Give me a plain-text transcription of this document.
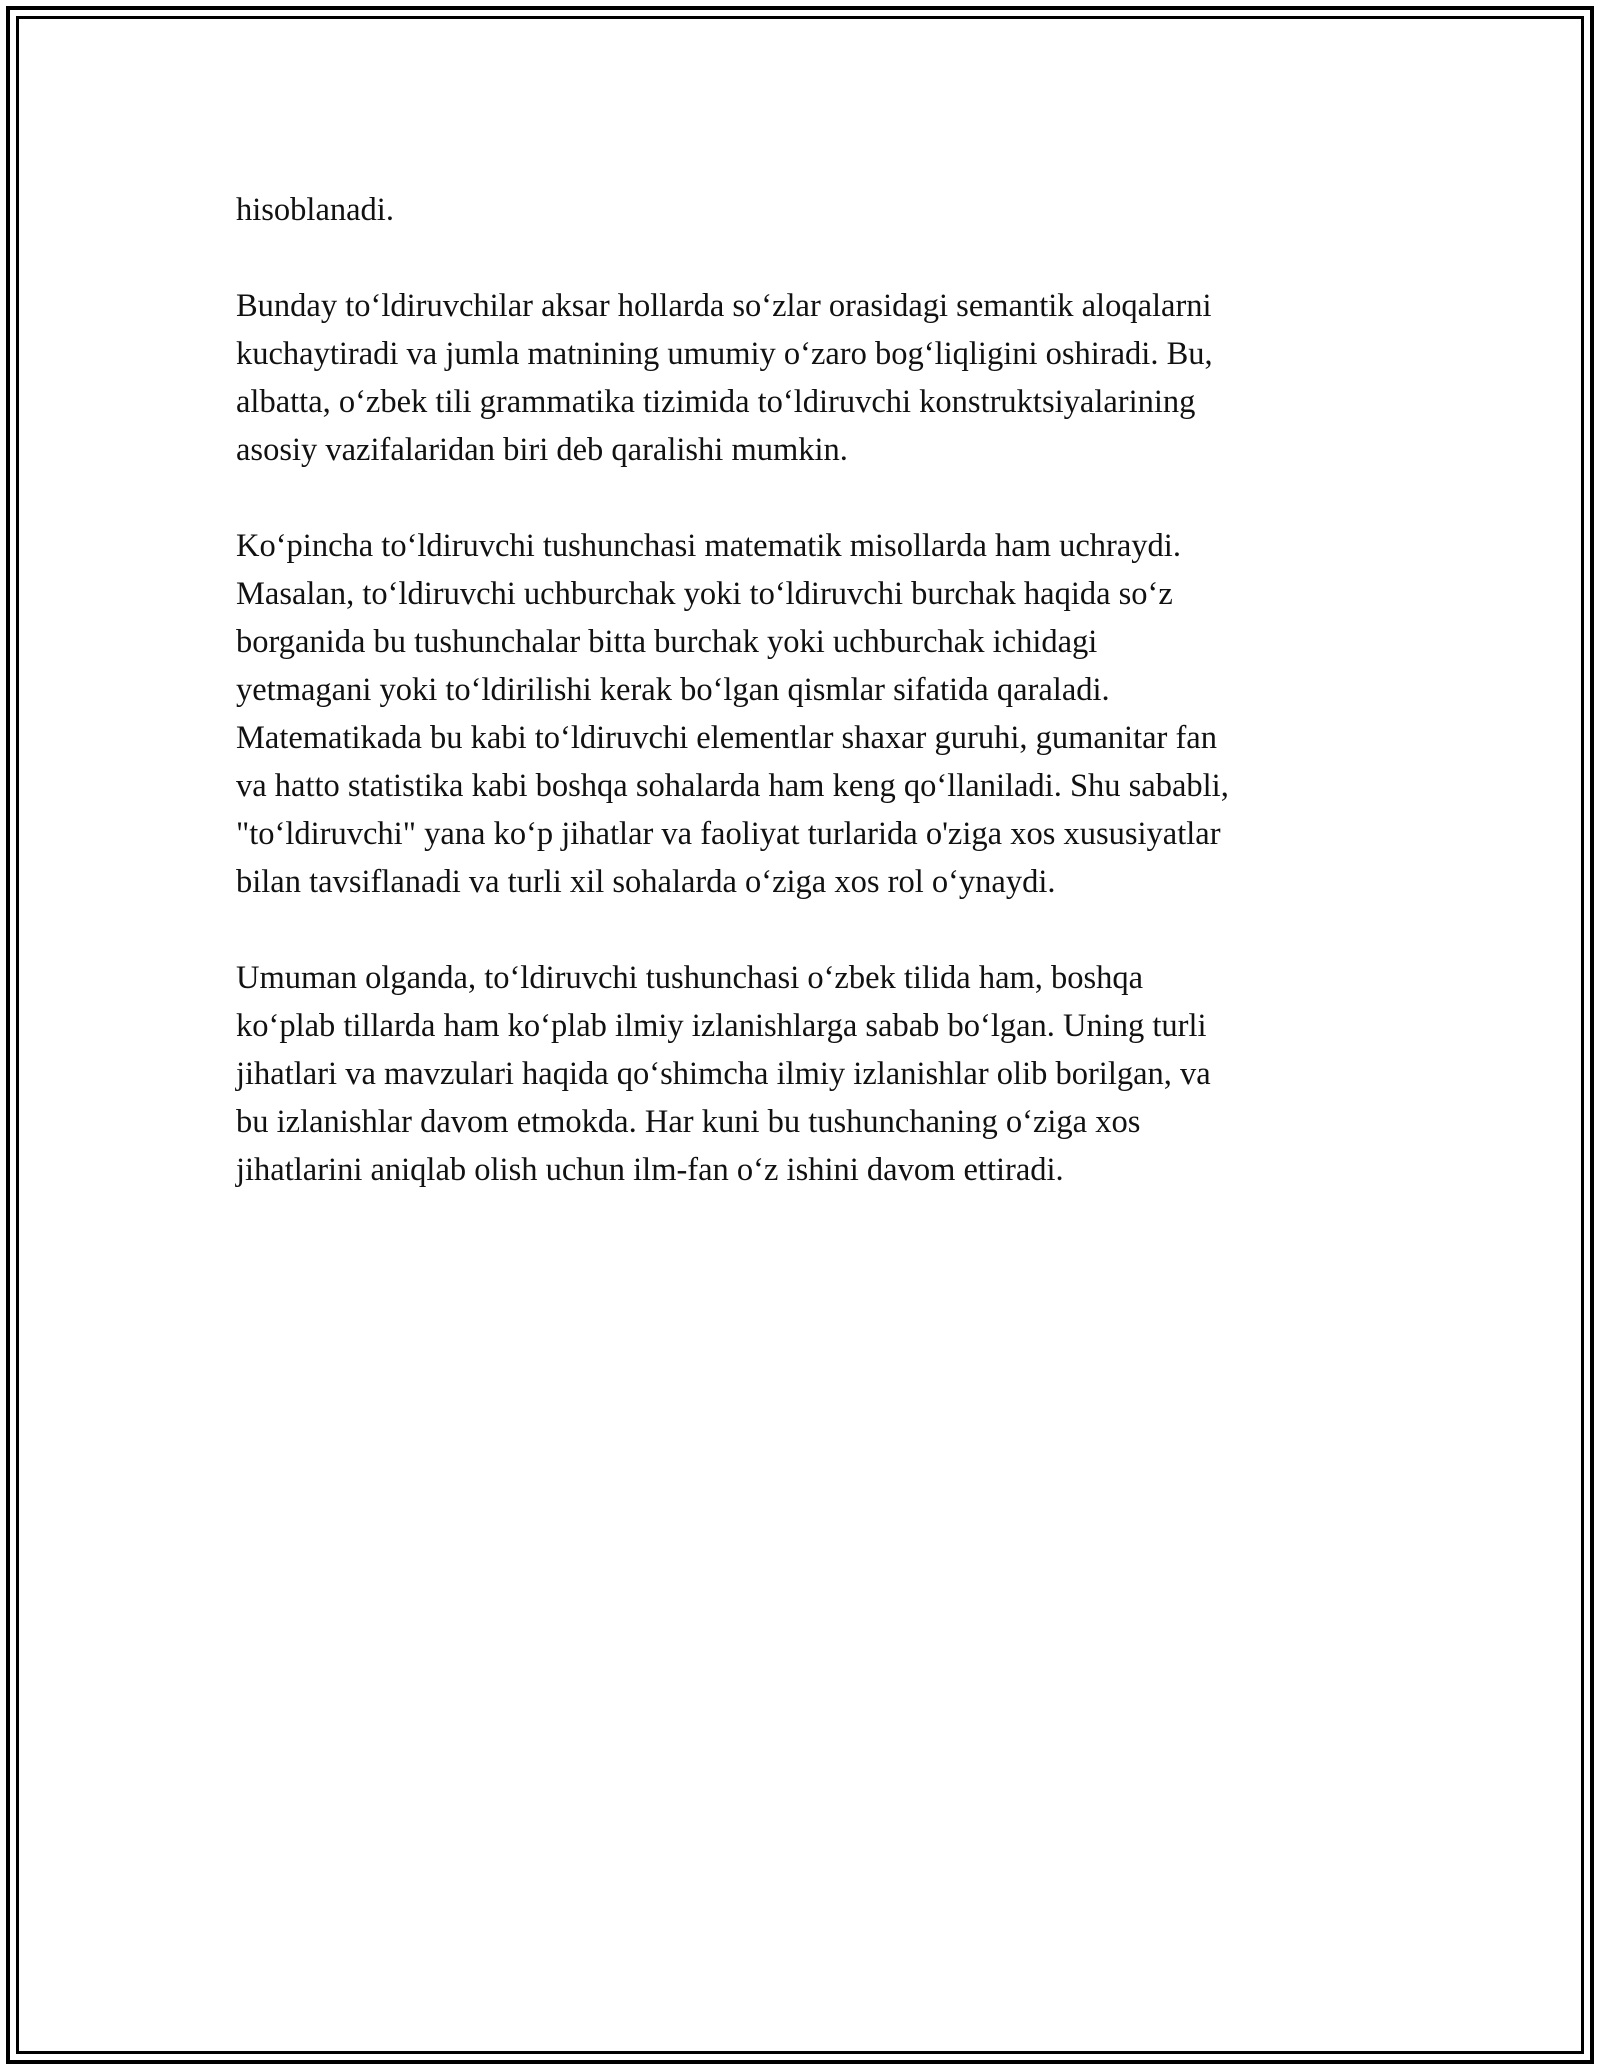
hisoblanadi.

Bunday to‘ldiruvchilar aksar hollarda so‘zlar orasidagi semantik aloqalarni
kuchaytiradi va jumla matnining umumiy o‘zaro bog‘liqligini oshiradi. Bu,
albatta, o‘zbek tili grammatika tizimida to‘ldiruvchi konstruktsiyalarining
asosiy vazifalaridan biri deb qaralishi mumkin.

Ko‘pincha to‘ldiruvchi tushunchasi matematik misollarda ham uchraydi.
Masalan, to‘ldiruvchi uchburchak yoki to‘ldiruvchi burchak haqida so‘z
borganida bu tushunchalar bitta burchak yoki uchburchak ichidagi
yetmagani yoki to‘ldirilishi kerak bo‘lgan qismlar sifatida qaraladi.
Matematikada bu kabi to‘ldiruvchi elementlar shaxar guruhi, gumanitar fan
va hatto statistika kabi boshqa sohalarda ham keng qo‘llaniladi. Shu sababli,
"to‘ldiruvchi" yana ko‘p jihatlar va faoliyat turlarida o'ziga xos xususiyatlar
bilan tavsiflanadi va turli xil sohalarda o‘ziga xos rol o‘ynaydi.

Umuman olganda, to‘ldiruvchi tushunchasi o‘zbek tilida ham, boshqa
ko‘plab tillarda ham ko‘plab ilmiy izlanishlarga sabab bo‘lgan. Uning turli
jihatlari va mavzulari haqida qo‘shimcha ilmiy izlanishlar olib borilgan, va
bu izlanishlar davom etmokda. Har kuni bu tushunchaning o‘ziga xos
jihatlarini aniqlab olish uchun ilm-fan o‘z ishini davom ettiradi.
